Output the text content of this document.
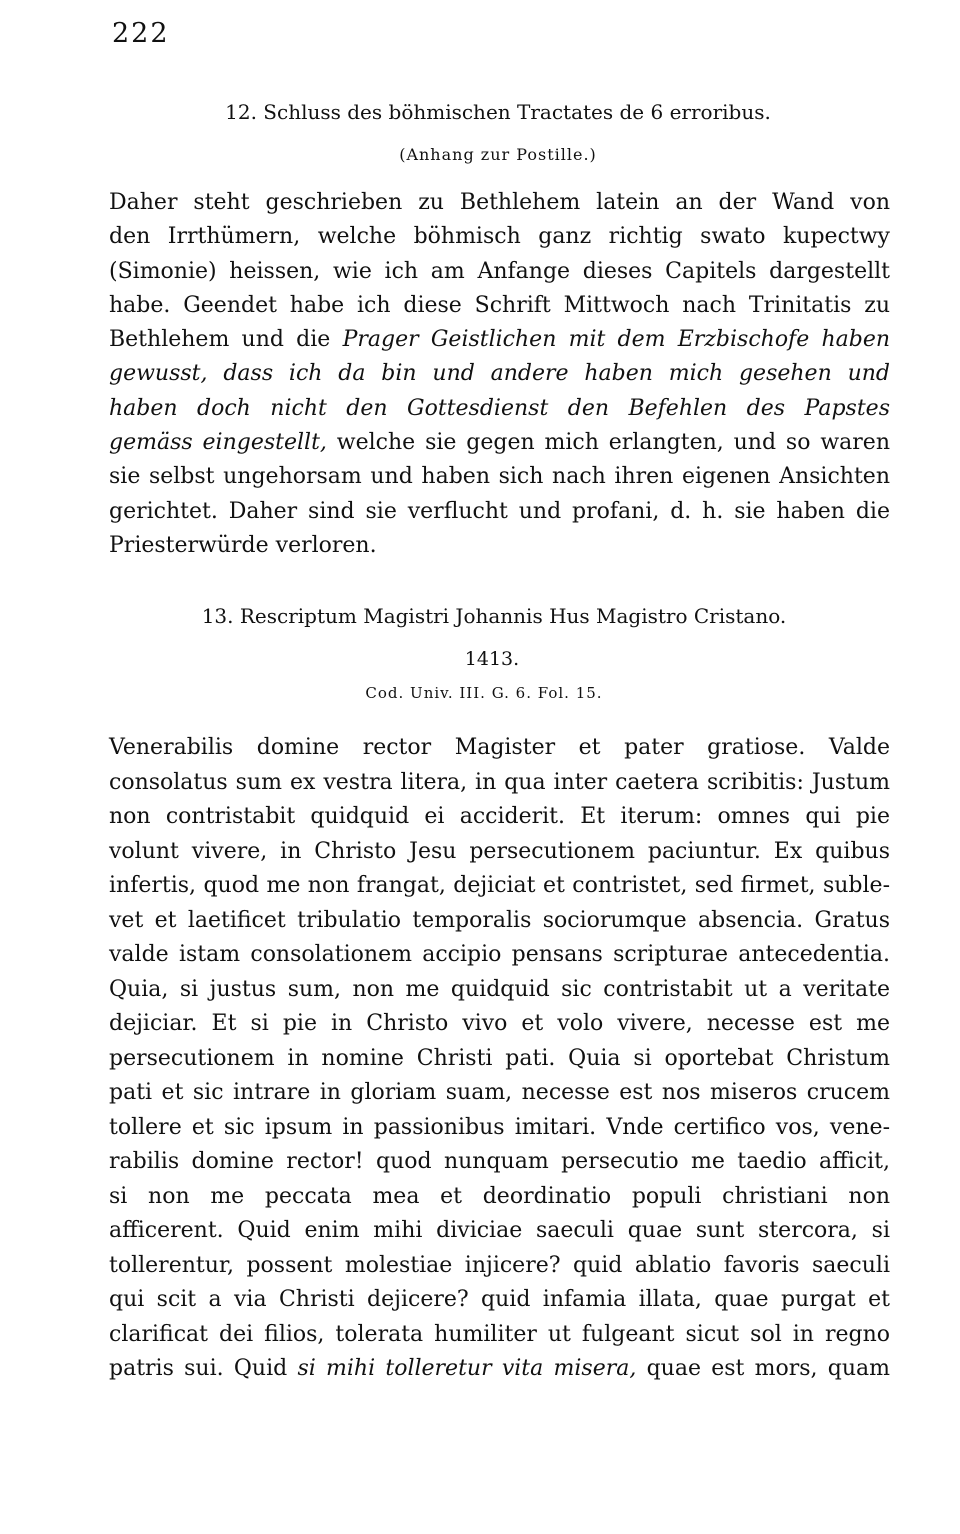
222
12. Schluss des böhmischen Tractates de 6 erroribus.
(Anhang zur Postille.)
Daher steht geschrieben zu Bethlehem latein an der Wand von
den Irrthümern, welche böhmisch ganz richtig swato kupectwy
(Simonie) heissen, wie ich am Anfange dieses Capitels dargestellt
habe. Geendet habe ich diese Schrift Mittwoch nach Trinitatis zu
Bethlehem und die Prager Geistlichen mit dem Erzbischofe haben
gewusst, dass ich da bin und andere haben mich gesehen und
haben doch nicht den Gottesdienst den Befehlen des Papstes
gemäss eingestellt, welche sie gegen mich erlangten, und so waren
sie selbst ungehorsam und haben sich nach ihren eigenen Ansichten
gerichtet. Daher sind sie verflucht und profani, d. h. sie haben die
Priesterwürde verloren.
13. Rescriptum Magistri Johannis Hus Magistro Cristano.
1413.
Cod. Univ. III. G. 6. Fol. 15.
Venerabilis domine rector Magister et pater gratiose. Valde
consolatus sum ex vestra litera, in qua inter caetera scribitis: Justum
non contristabit quidquid ei acciderit. Et iterum: omnes qui pie
volunt vivere, in Christo Jesu persecutionem paciuntur. Ex quibus
infertis, quod me non frangat, dejiciat et contristet, sed firmet, suble-
vet et laetificet tribulatio temporalis sociorumque absencia. Gratus
valde istam consolationem accipio pensans scripturae antecedentia.
Quia, si justus sum, non me quidquid sic contristabit ut a veritate
dejiciar. Et si pie in Christo vivo et volo vivere, necesse est me
persecutionem in nomine Christi pati. Quia si oportebat Christum
pati et sic intrare in gloriam suam, necesse est nos miseros crucem
tollere et sic ipsum in passionibus imitari. Vnde certifico vos, vene-
rabilis domine rector! quod nunquam persecutio me taedio afficit,
si non me peccata mea et deordinatio populi christiani non
afficerent. Quid enim mihi diviciae saeculi quae sunt stercora, si
tollerentur, possent molestiae injicere? quid ablatio favoris saeculi
qui scit a via Christi dejicere? quid infamia illata, quae purgat et
clarificat dei filios, tolerata humiliter ut fulgeant sicut sol in regno
patris sui. Quid si mihi tolleretur vita misera, quae est mors, quam
